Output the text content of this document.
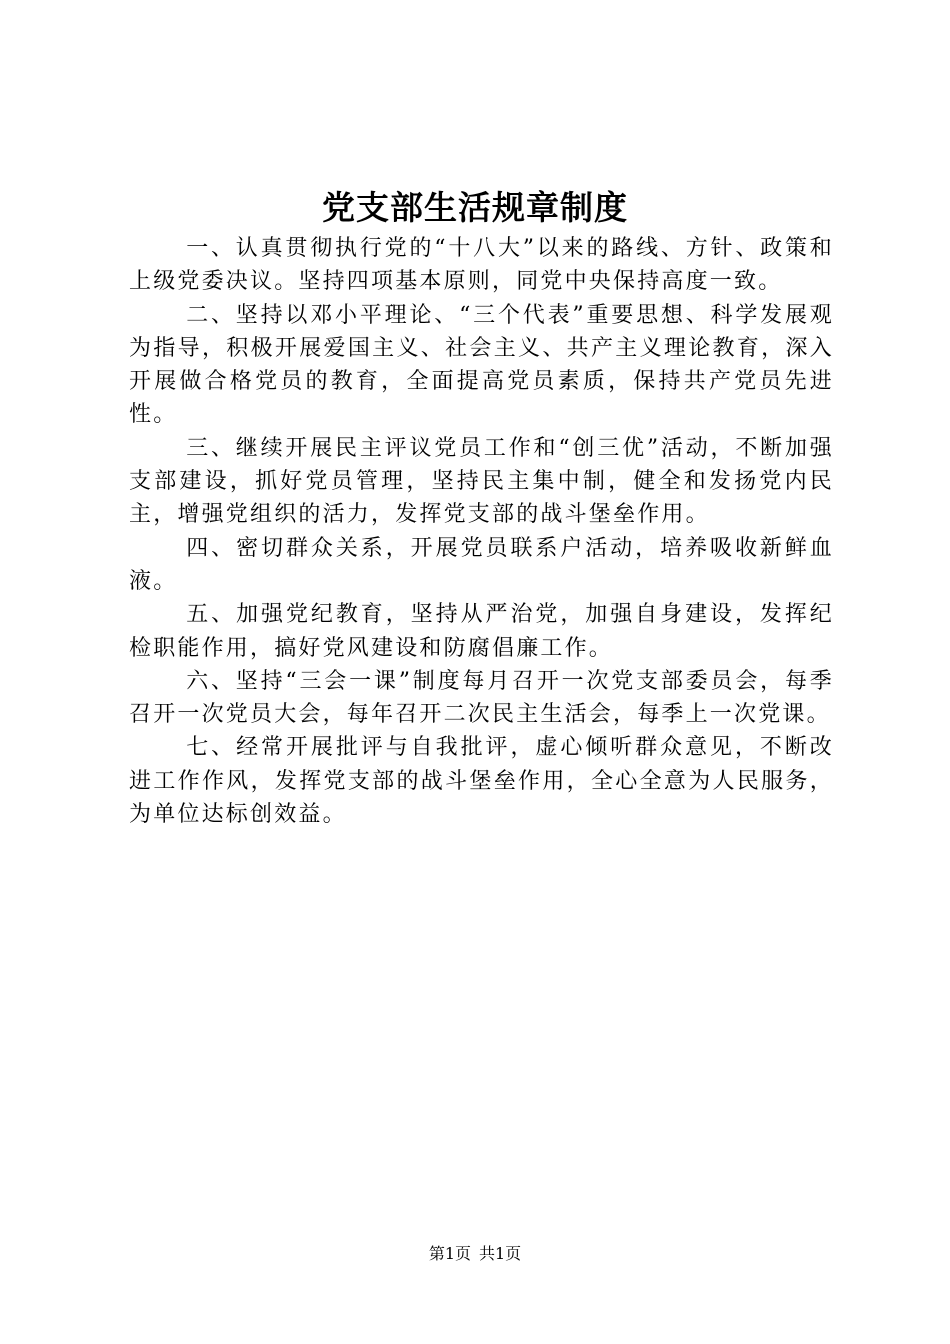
党支部生活规章制度

一、认真贯彻执行党的“十八大”以来的路线、方针、政策和上级党委决议。坚持四项基本原则，同党中央保持高度一致。

二、坚持以邓小平理论、“三个代表”重要思想、科学发展观为指导，积极开展爱国主义、社会主义、共产主义理论教育，深入开展做合格党员的教育，全面提高党员素质，保持共产党员先进性。

三、继续开展民主评议党员工作和“创三优”活动，不断加强支部建设，抓好党员管理，坚持民主集中制，健全和发扬党内民主，增强党组织的活力，发挥党支部的战斗堡垒作用。

四、密切群众关系，开展党员联系户活动，培养吸收新鲜血液。

五、加强党纪教育，坚持从严治党，加强自身建设，发挥纪检职能作用，搞好党风建设和防腐倡廉工作。

六、坚持“三会一课”制度每月召开一次党支部委员会，每季召开一次党员大会，每年召开二次民主生活会，每季上一次党课。

七、经常开展批评与自我批评，虚心倾听群众意见，不断改进工作作风，发挥党支部的战斗堡垒作用，全心全意为人民服务，为单位达标创效益。

第1页 共1页
